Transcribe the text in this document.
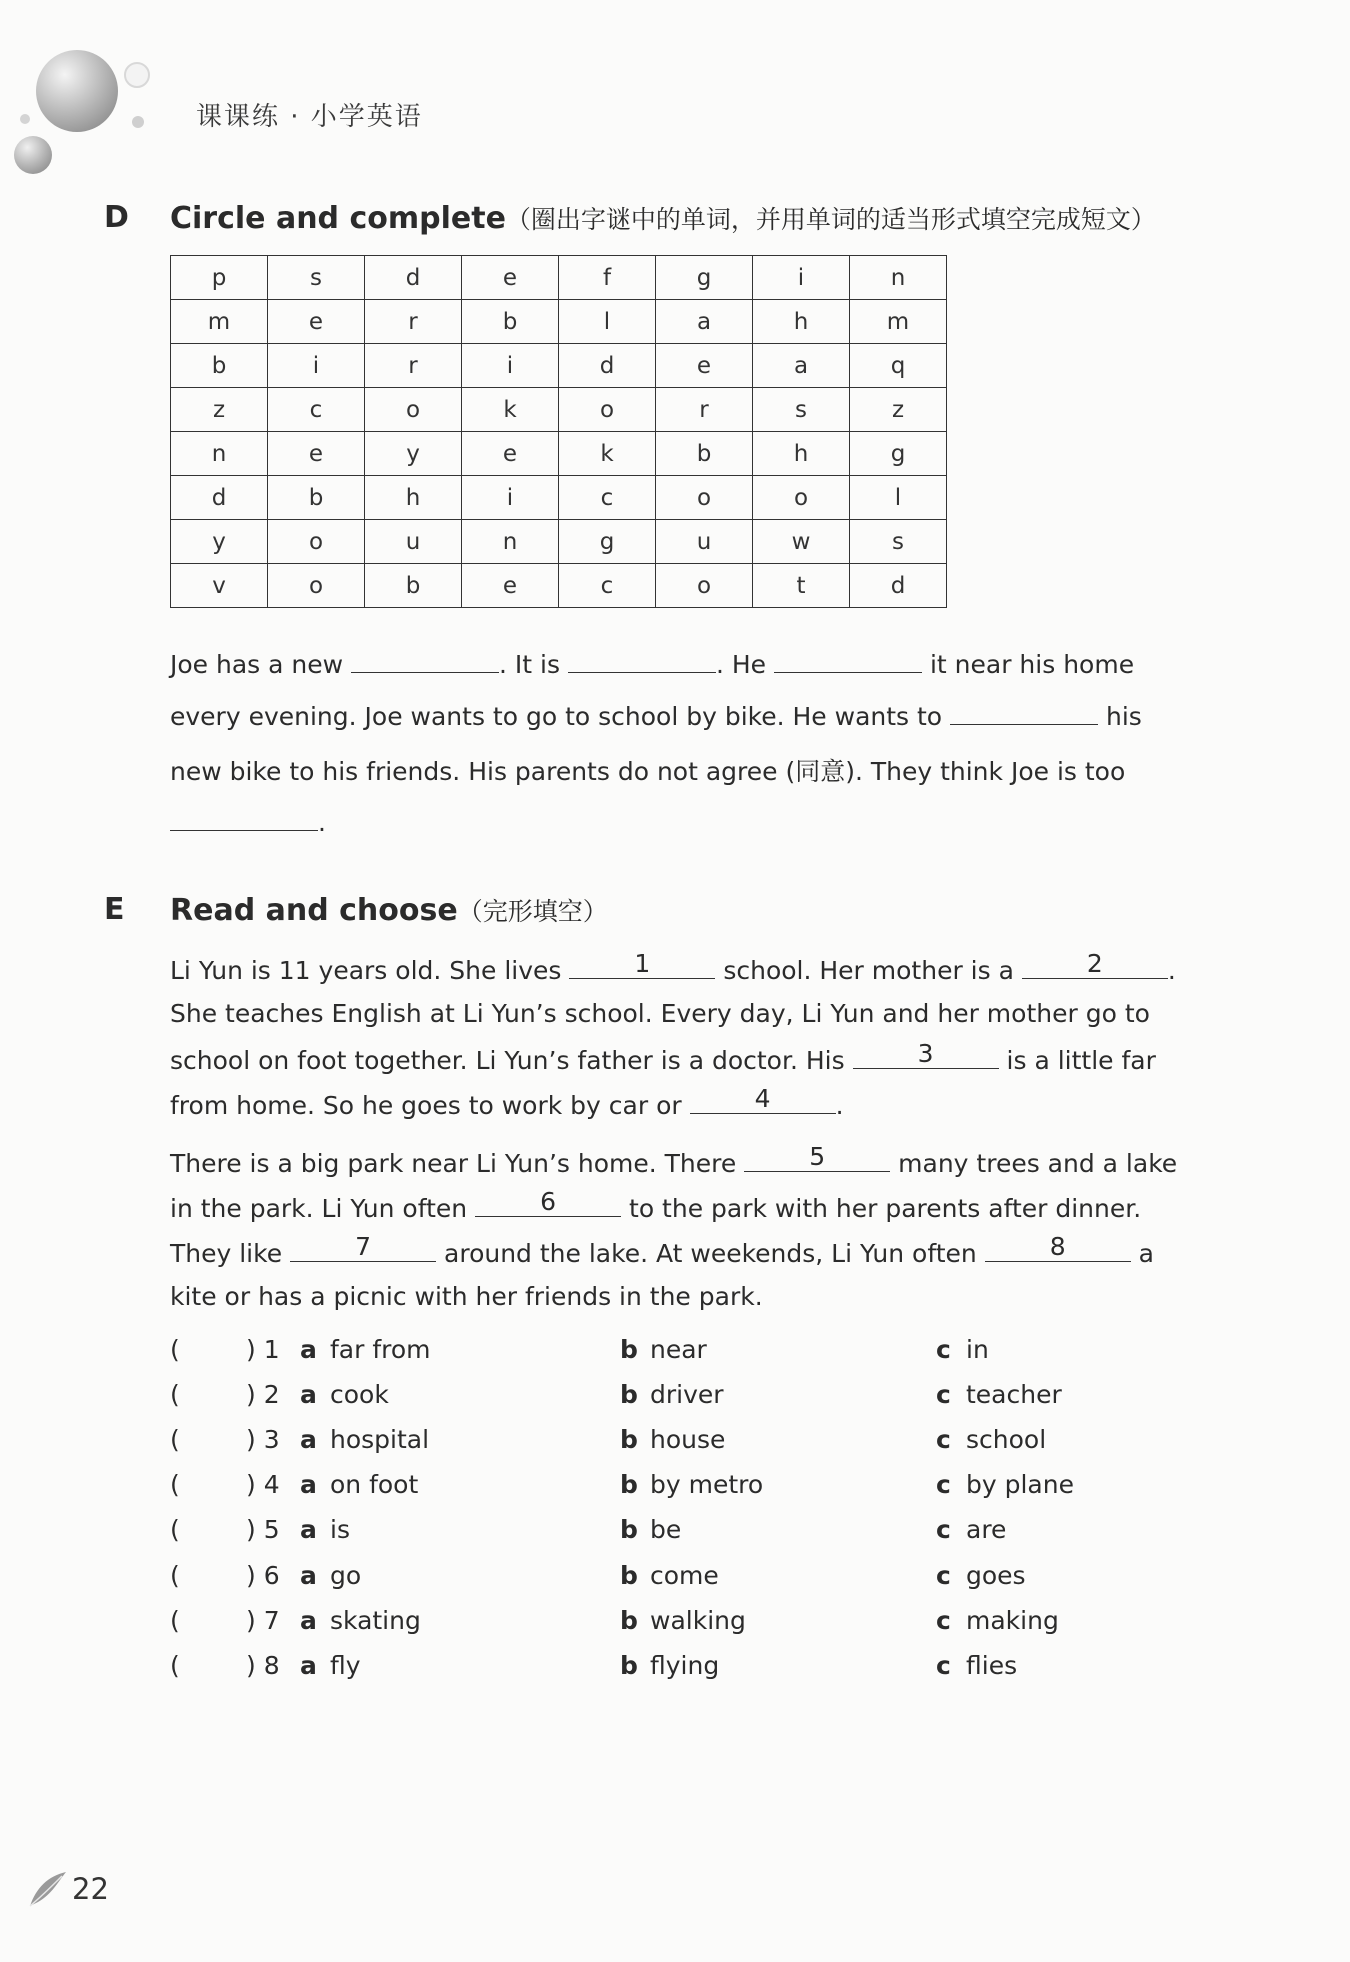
课课练 · 小学英语
D Circle and complete（圈出字谜中的单词，并用单词的适当形式填空完成短文）
p	s	d	e	f	g	i	n
m	e	r	b	l	a	h	m
b	i	r	i	d	e	a	q
z	c	o	k	o	r	s	z
n	e	y	e	k	b	h	g
d	b	h	i	c	o	o	l
y	o	u	n	g	u	w	s
v	o	b	e	c	o	t	d
Joe has a new	. It is	. He	it near his home
every evening. Joe wants to go to school by bike. He wants to	his
new bike to his friends. His parents do not agree (同意). They think Joe is too
.
E Read and choose（完形填空）
Li Yun is 11 years old. She lives	1	school. Her mother is a	2	.
She teaches English at Li Yun’s school. Every day, Li Yun and her mother go to
school on foot together. Li Yun’s father is a doctor. His	3	is a little far
from home. So he goes to work by car or	4	.
There is a big park near Li Yun’s home. There	5	many trees and a lake
in the park. Li Yun often	6	to the park with her parents after dinner.
They like	7	around the lake. At weekends, Li Yun often	8	a
kite or has a picnic with her friends in the park.
(	) 1 a far from	b near	c in
(	) 2 a cook	b driver	c teacher
(	) 3 a hospital	b house	c school
(	) 4 a on foot	b by metro	c by plane
(	) 5 a is	b be	c are
(	) 6 a go	b come	c goes
(	) 7 a skating	b walking	c making
(	) 8 a fly	b flying	c flies
22
